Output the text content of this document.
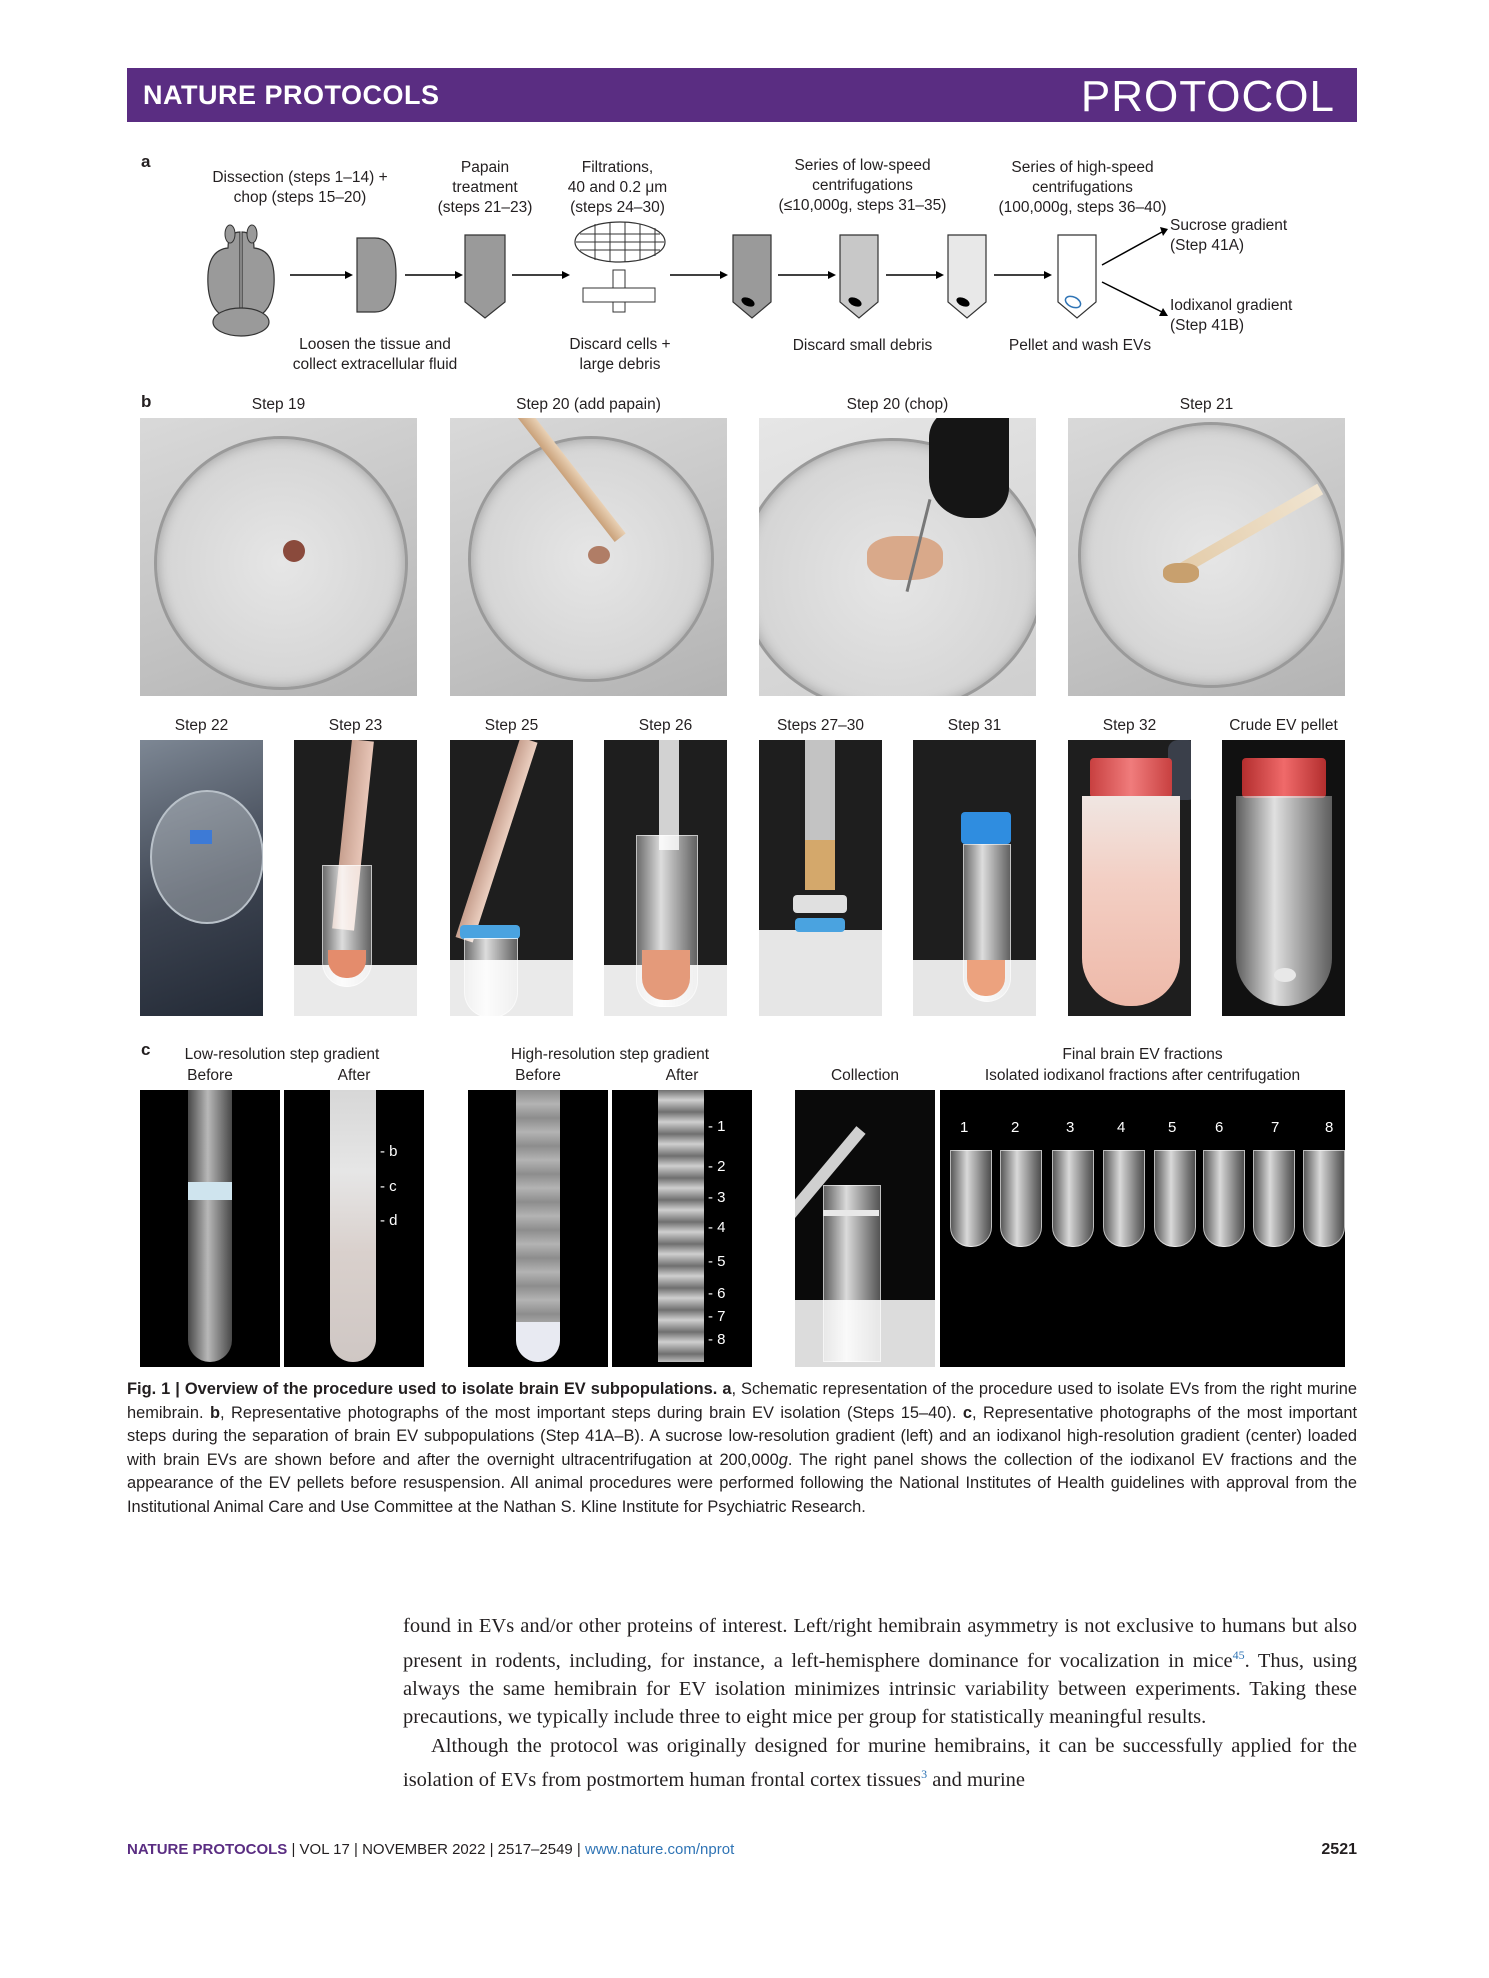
NATURE PROTOCOLS	PROTOCOL
a
Dissection (steps 1–14) +
chop (steps 15–20)
Papain
treatment
(steps 21–23)
Filtrations,
40 and 0.2 μm
(steps 24–30)
Series of low-speed
centrifugations
(≤10,000g, steps 31–35)
Series of high-speed
centrifugations
(100,000g, steps 36–40)
Sucrose gradient
(Step 41A)
Iodixanol gradient
(Step 41B)
Loosen the tissue and
collect extracellular fluid
Discard cells +
large debris
Discard small debris	Pellet and wash EVs
b	Step 19	Step 20 (add papain)	Step 20 (chop)	Step 21
Step 22	Step 23	Step 25	Step 26	Steps 27–30	Step 31	Step 32	Crude EV pellet
c	Low-resolution step gradient
Before	After
High-resolution step gradient
Before	After	Collection
Final brain EV fractions
Isolated iodixanol fractions after centrifugation
- b
- c
- d
- 1
- 2
- 3
- 4
- 5
- 6
- 7
- 8
1	2	3	4	5	6	7	8
Fig. 1 | Overview of the procedure used to isolate brain EV subpopulations. a, Schematic representation of the procedure used to isolate EVs from the right murine hemibrain. b, Representative photographs of the most important steps during brain EV isolation (Steps 15–40). c, Representative photographs of the most important steps during the separation of brain EV subpopulations (Step 41A–B). A sucrose low-resolution gradient (left) and an iodixanol high-resolution gradient (center) loaded with brain EVs are shown before and after the overnight ultracentrifugation at 200,000g. The right panel shows the collection of the iodixanol EV fractions and the appearance of the EV pellets before resuspension. All animal procedures were performed following the National Institutes of Health guidelines with approval from the Institutional Animal Care and Use Committee at the Nathan S. Kline Institute for Psychiatric Research.

found in EVs and/or other proteins of interest. Left/right hemibrain asymmetry is not exclusive to humans but also present in rodents, including, for instance, a left-hemisphere dominance for vocalization in mice$^{45}$. Thus, using always the same hemibrain for EV isolation minimizes intrinsic variability between experiments. Taking these precautions, we typically include three to eight mice per group for statistically meaningful results.

Although the protocol was originally designed for murine hemibrains, it can be successfully applied for the isolation of EVs from postmortem human frontal cortex tissues$^3$ and murine

NATURE PROTOCOLS | VOL 17 | NOVEMBER 2022 | 2517–2549 | www.nature.com/nprot	2521
